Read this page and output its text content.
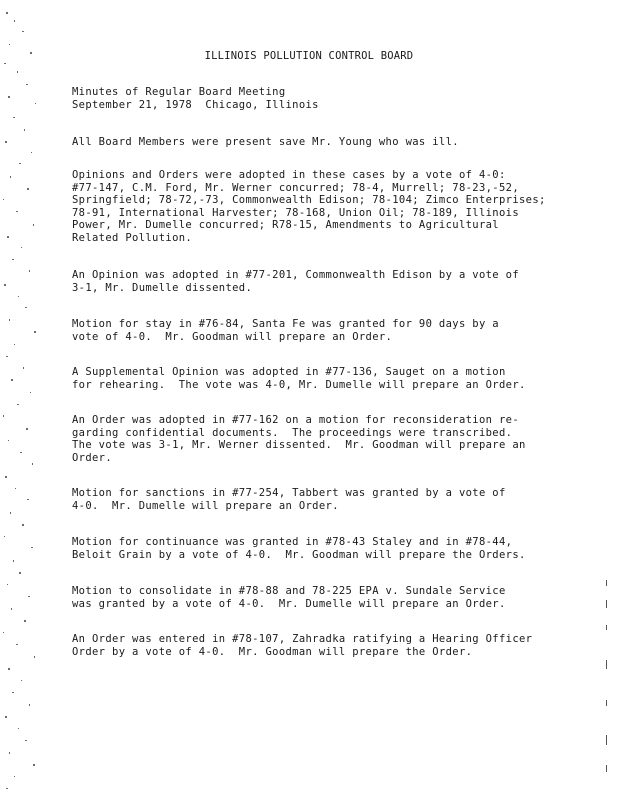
ILLINOIS POLLUTION CONTROL BOARD
Minutes of Regular Board Meeting
September 21, 1978  Chicago, Illinois
All Board Members were present save Mr. Young who was ill.
Opinions and Orders were adopted in these cases by a vote of 4-0:
#77-147, C.M. Ford, Mr. Werner concurred; 78-4, Murrell; 78-23,-52,
Springfield; 78-72,-73, Commonwealth Edison; 78-104; Zimco Enterprises;
78-91, International Harvester; 78-168, Union Oil; 78-189, Illinois
Power, Mr. Dumelle concurred; R78-15, Amendments to Agricultural
Related Pollution.
An Opinion was adopted in #77-201, Commonwealth Edison by a vote of
3-1, Mr. Dumelle dissented.
Motion for stay in #76-84, Santa Fe was granted for 90 days by a
vote of 4-0.  Mr. Goodman will prepare an Order.
A Supplemental Opinion was adopted in #77-136, Sauget on a motion
for rehearing.  The vote was 4-0, Mr. Dumelle will prepare an Order.
An Order was adopted in #77-162 on a motion for reconsideration re-
garding confidential documents.  The proceedings were transcribed.
The vote was 3-1, Mr. Werner dissented.  Mr. Goodman will prepare an
Order.
Motion for sanctions in #77-254, Tabbert was granted by a vote of
4-0.  Mr. Dumelle will prepare an Order.
Motion for continuance was granted in #78-43 Staley and in #78-44,
Beloit Grain by a vote of 4-0.  Mr. Goodman will prepare the Orders.
Motion to consolidate in #78-88 and 78-225 EPA v. Sundale Service
was granted by a vote of 4-0.  Mr. Dumelle will prepare an Order.
An Order was entered in #78-107, Zahradka ratifying a Hearing Officer
Order by a vote of 4-0.  Mr. Goodman will prepare the Order.
